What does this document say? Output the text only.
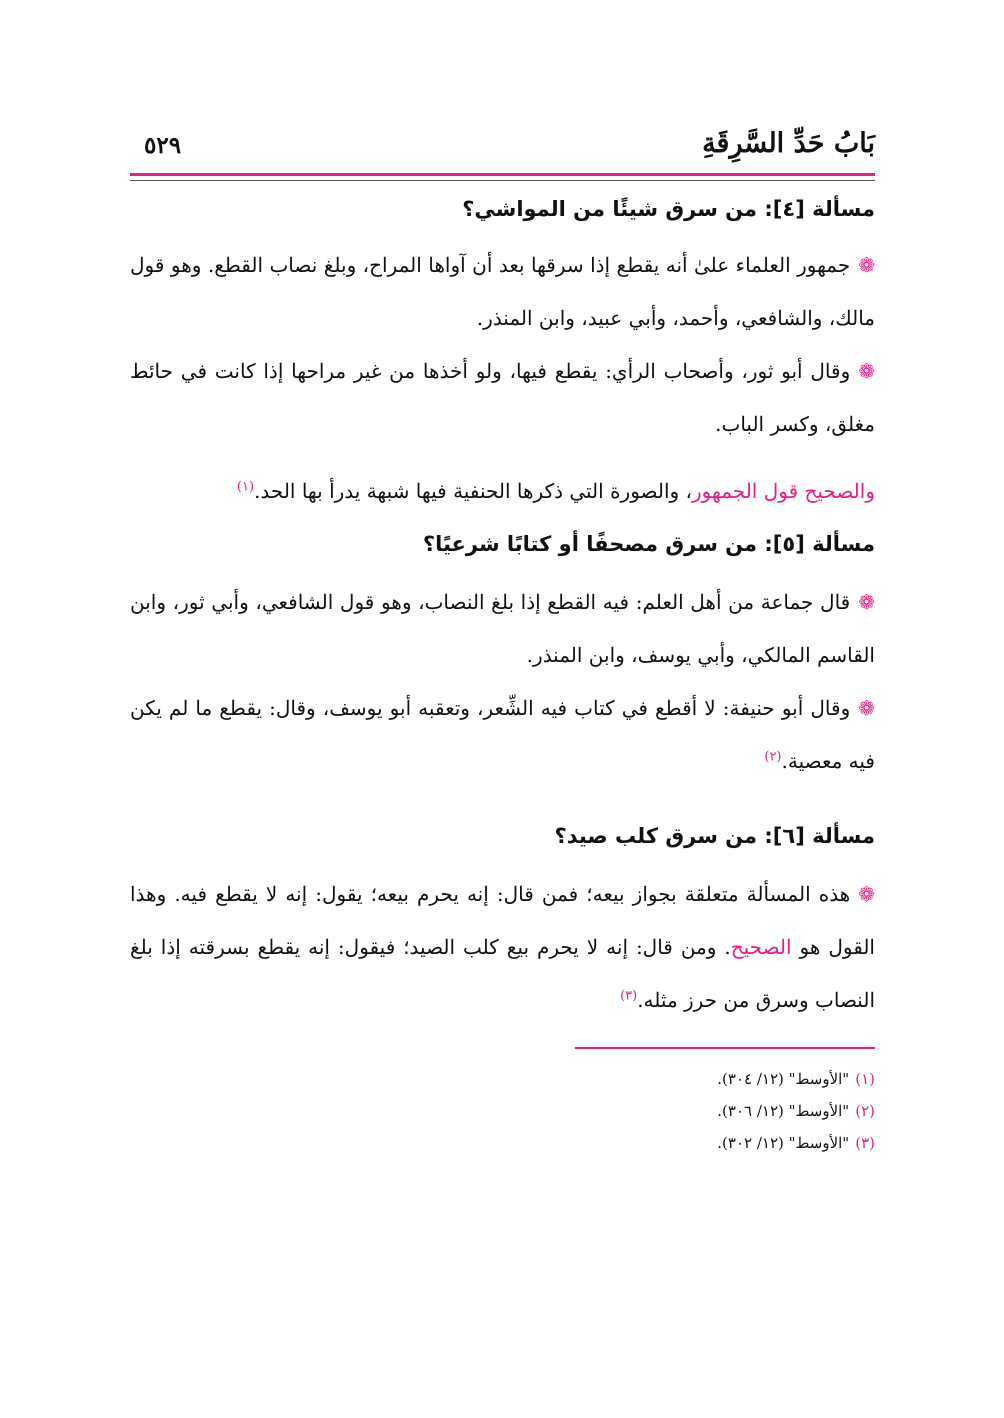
بَابُ حَدِّ السَّرِقَةِ
٥٢٩
مسألة [٤]: من سرق شيئًا من المواشي؟

❁جمهور العلماء علىٰ أنه يقطع إذا سرقها بعد أن آواها المراح، وبلغ نصاب القطع. وهو قول مالك، والشافعي، وأحمد، وأبي عبيد، وابن المنذر.

❁وقال أبو ثور، وأصحاب الرأي: يقطع فيها، ولو أخذها من غير مراحها إذا كانت في حائط مغلق، وكسر الباب.

والصحيح قول الجمهور، والصورة التي ذكرها الحنفية فيها شبهة يدرأ بها الحد.$^{(١)}$

مسألة [٥]: من سرق مصحفًا أو كتابًا شرعيًا؟

❁قال جماعة من أهل العلم: فيه القطع إذا بلغ النصاب، وهو قول الشافعي، وأبي ثور، وابن القاسم المالكي، وأبي يوسف، وابن المنذر.

❁وقال أبو حنيفة: لا أقطع في كتاب فيه الشِّعر، وتعقبه أبو يوسف، وقال: يقطع ما لم يكن فيه معصية.$^{(٢)}$

مسألة [٦]: من سرق كلب صيد؟

❁هذه المسألة متعلقة بجواز بيعه؛ فمن قال: إنه يحرم بيعه؛ يقول: إنه لا يقطع فيه. وهذا القول هو الصحيح. ومن قال: إنه لا يحرم بيع كلب الصيد؛ فيقول: إنه يقطع بسرقته إذا بلغ النصاب وسرق من حرز مثله.$^{(٣)}$

(١)"الأوسط" (١٢/ ٣٠٤).
(٢)"الأوسط" (١٢/ ٣٠٦).
(٣)"الأوسط" (١٢/ ٣٠٢).
